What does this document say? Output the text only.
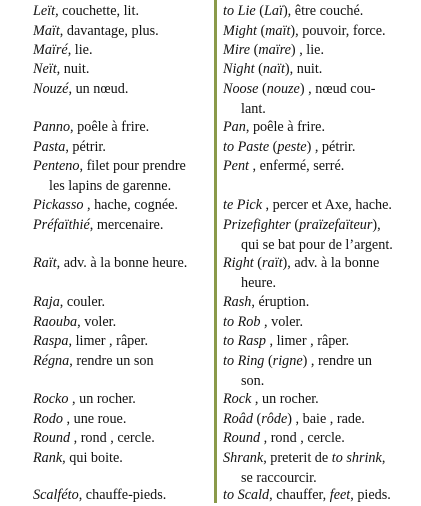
Leït, couchette, lit.
Maït, davantage, plus.
Maïré, lie.
Neït, nuit.
Nouzé, un nœud.
Panno, poêle à frire.
Pasta, pétrir.
Penteno, filet pour prendre
les lapins de garenne.
Pickasso , hache, cognée.
Préfaïthié, mercenaire.
Raït, adv. à la bonne heure.
Raja, couler.
Raouba, voler.
Raspa, limer , râper.
Régna, rendre un son
Rocko , un rocher.
Rodo , une roue.
Round , rond , cercle.
Rank, qui boite.
Scalféto, chauffe-pieds.
to Lie (Laï), être couché.
Might (maït), pouvoir, force.
Mire (maïre) , lie.
Night (naït), nuit.
Noose (nouze) , nœud cou-
lant.
Pan, poêle à frire.
to Paste (peste) , pétrir.
Pent , enfermé, serré.
te Pick , percer et Axe, hache.
Prizefighter (praïzefaïteur),
qui se bat pour de l’argent.
Right (raït), adv. à la bonne
heure.
Rash, éruption.
to Rob , voler.
to Rasp , limer , râper.
to Ring (rigne) , rendre un
son.
Rock , un rocher.
Roâd (rôde) , baie , rade.
Round , rond , cercle.
Shrank, preterit de to shrink,
se raccourcir.
to Scald, chauffer, feet, pieds.
